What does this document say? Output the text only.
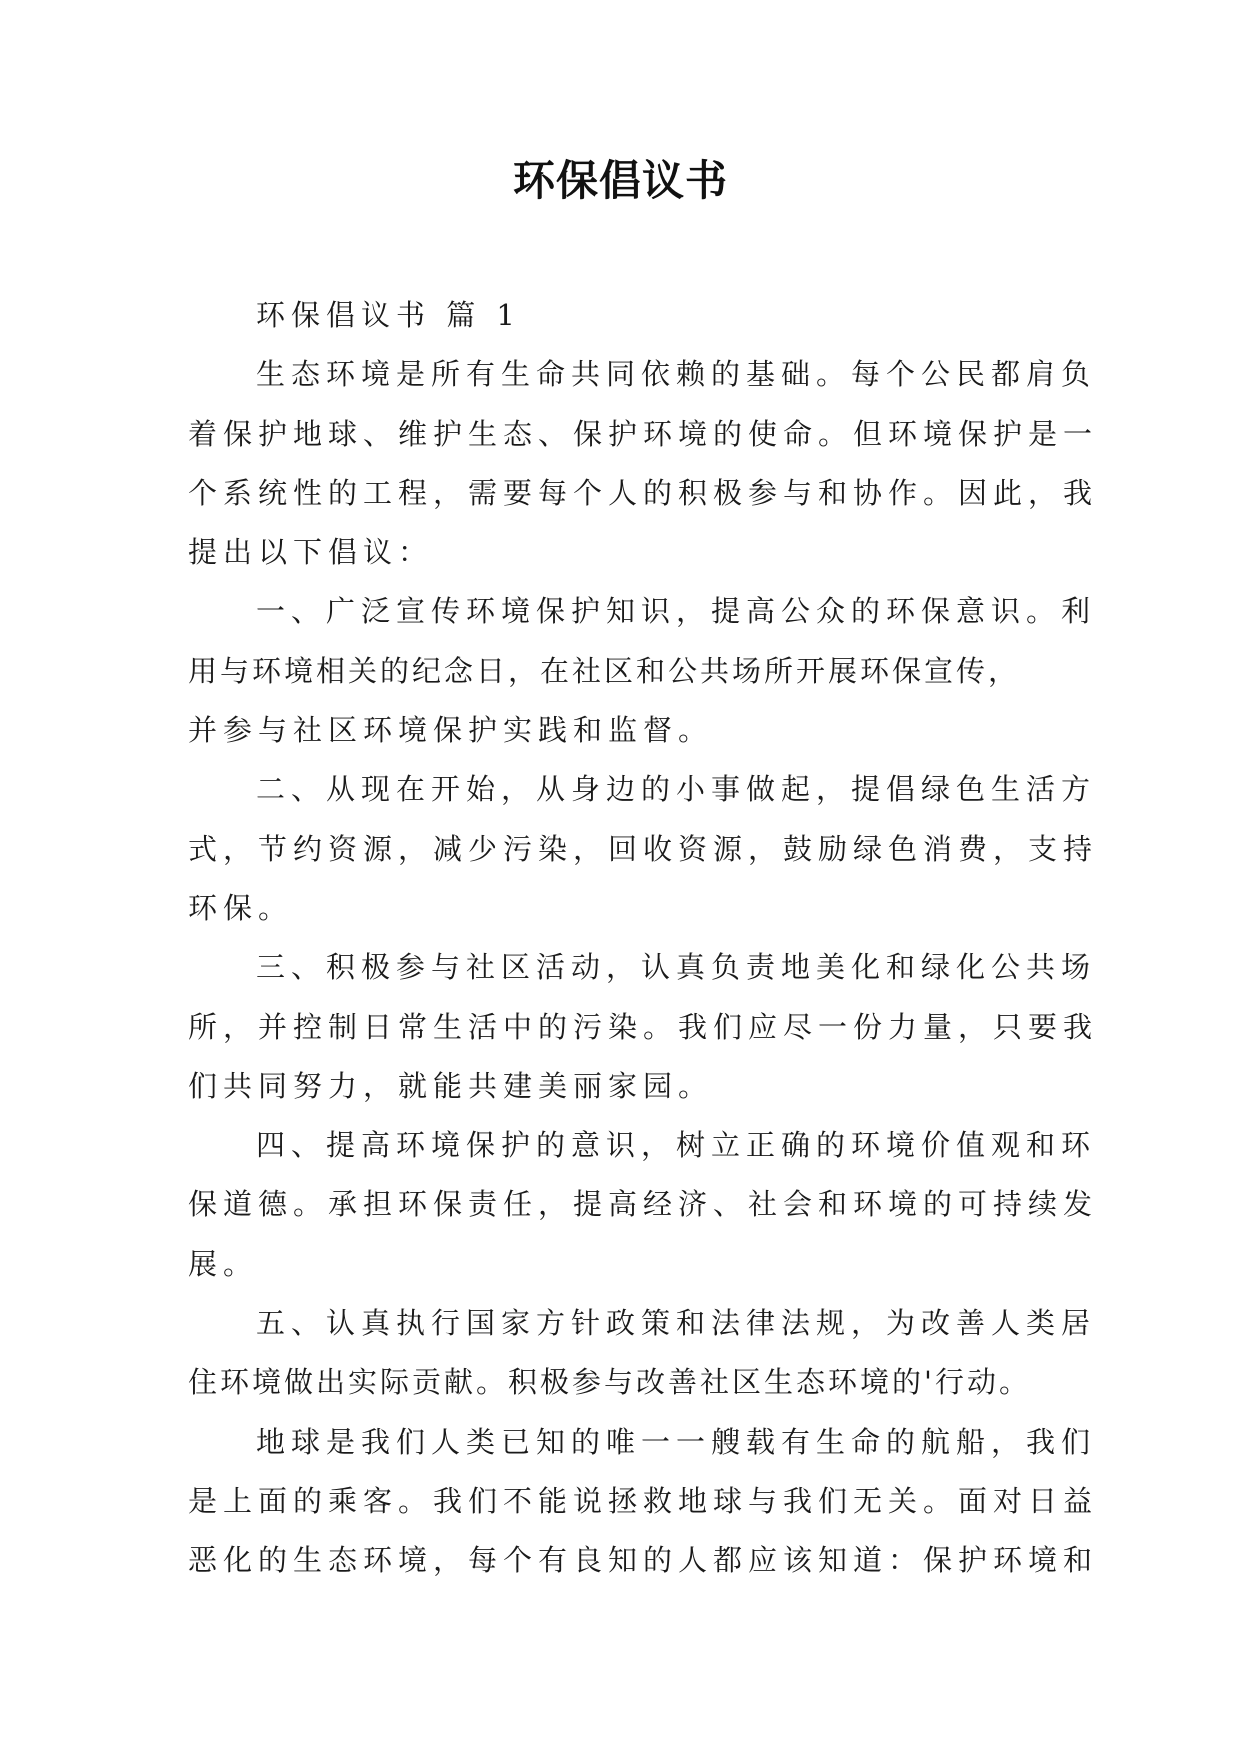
环保倡议书
环保倡议书 篇 1
生态环境是所有生命共同依赖的基础。每个公民都肩负
着保护地球、维护生态、保护环境的使命。但环境保护是一
个系统性的工程，需要每个人的积极参与和协作。因此，我
提出以下倡议：
一、广泛宣传环境保护知识，提高公众的环保意识。利
用与环境相关的纪念日，在社区和公共场所开展环保宣传，
并参与社区环境保护实践和监督。
二、从现在开始，从身边的小事做起，提倡绿色生活方
式，节约资源，减少污染，回收资源，鼓励绿色消费，支持
环保。
三、积极参与社区活动，认真负责地美化和绿化公共场
所，并控制日常生活中的污染。我们应尽一份力量，只要我
们共同努力，就能共建美丽家园。
四、提高环境保护的意识，树立正确的环境价值观和环
保道德。承担环保责任，提高经济、社会和环境的可持续发
展。
五、认真执行国家方针政策和法律法规，为改善人类居
住环境做出实际贡献。积极参与改善社区生态环境的'行动。
地球是我们人类已知的唯一一艘载有生命的航船，我们
是上面的乘客。我们不能说拯救地球与我们无关。面对日益
恶化的生态环境，每个有良知的人都应该知道：保护环境和
